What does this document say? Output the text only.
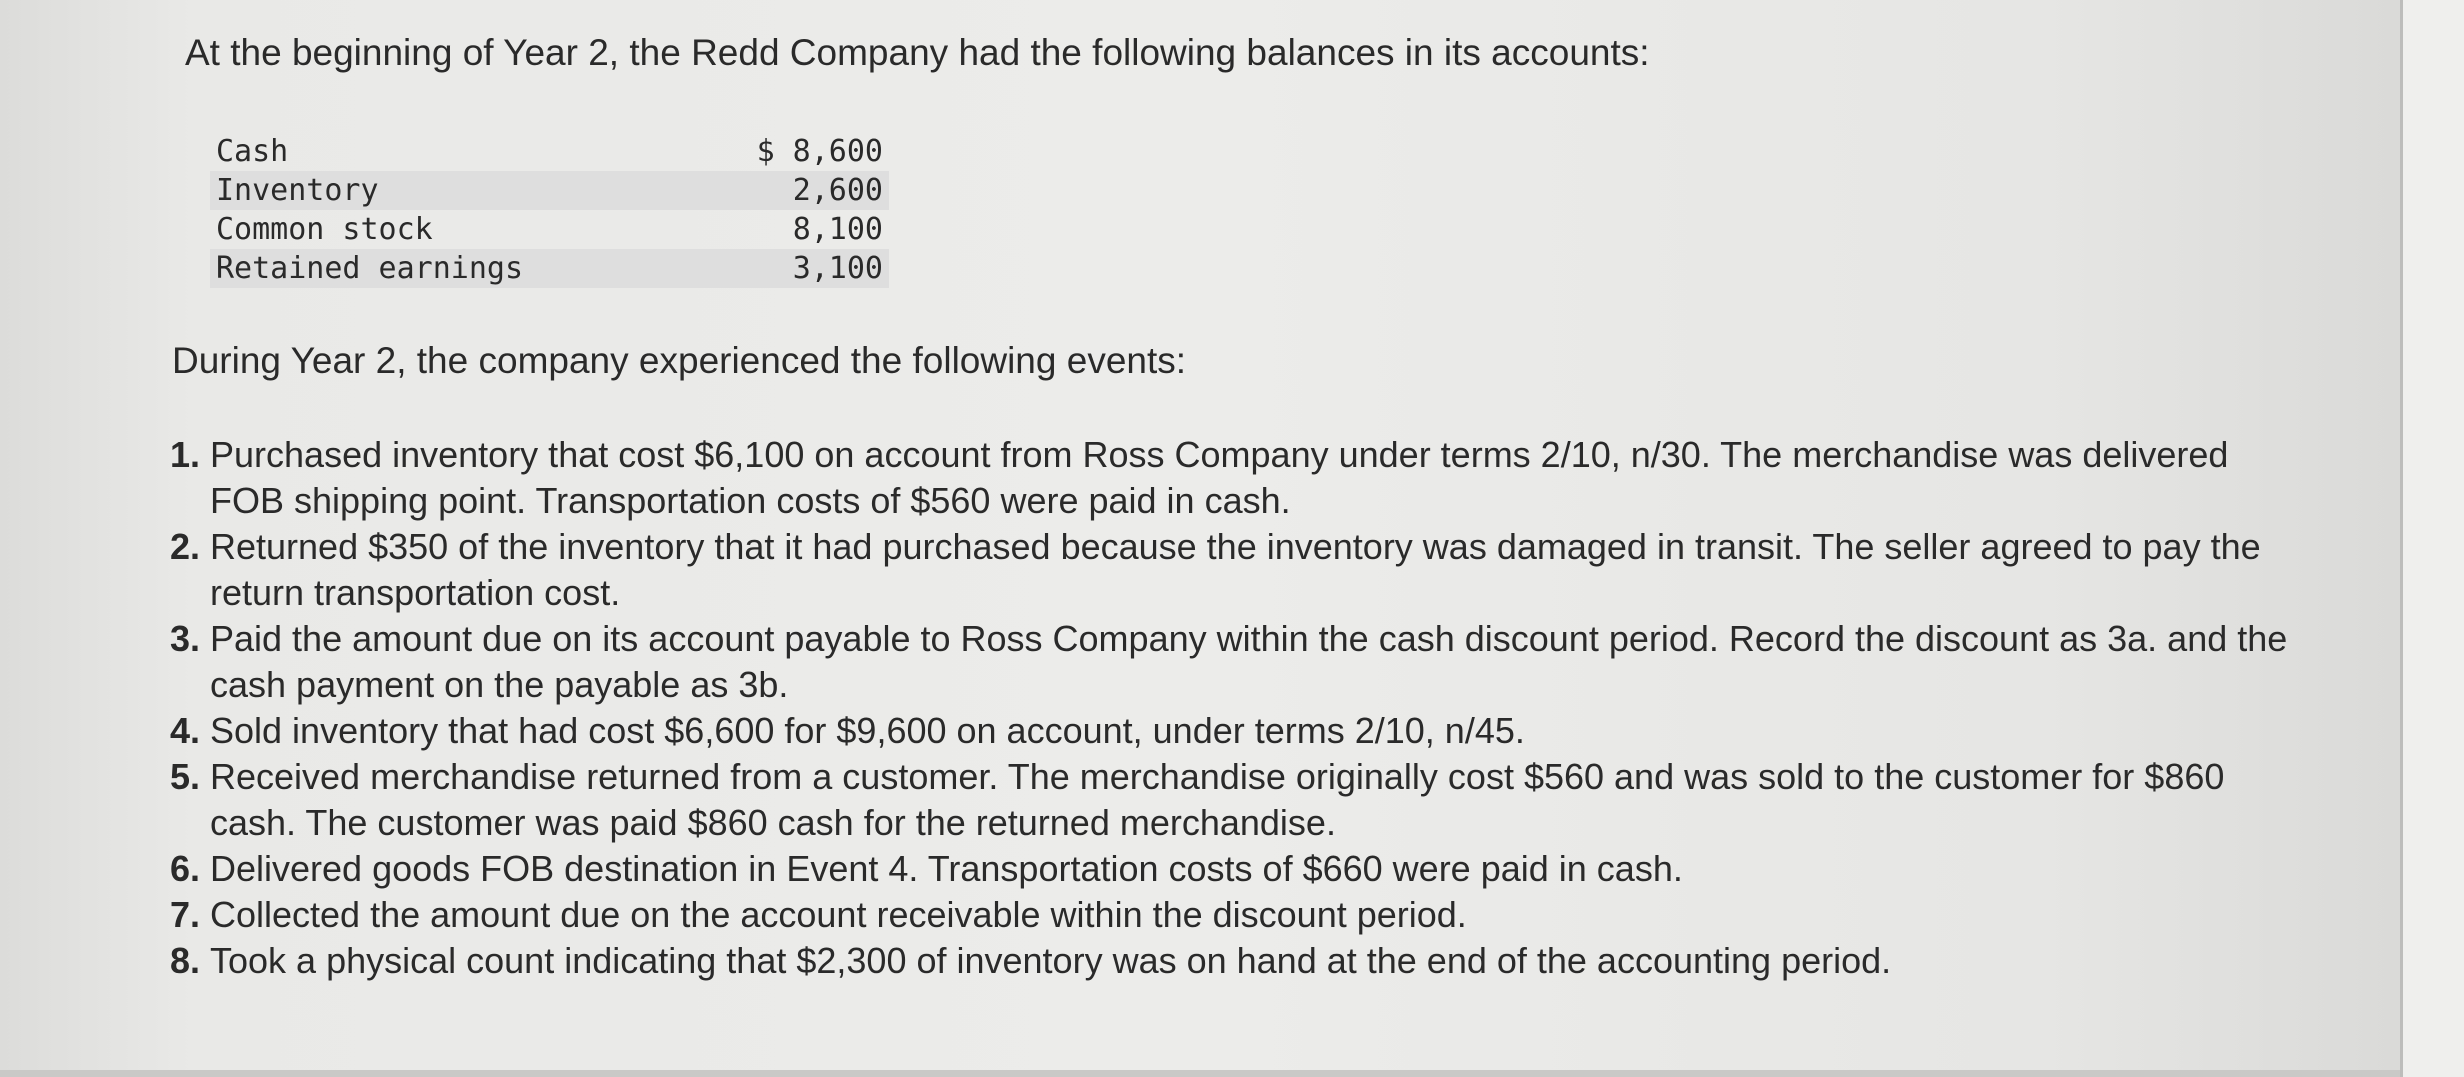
At the beginning of Year 2, the Redd Company had the following balances in its accounts:
Cash	$ 8,600
Inventory	2,600
Common stock	8,100
Retained earnings	3,100
During Year 2, the company experienced the following events:
1. Purchased inventory that cost $6,100 on account from Ross Company under terms 2/10, n/30. The merchandise was delivered FOB shipping point. Transportation costs of $560 were paid in cash.
2. Returned $350 of the inventory that it had purchased because the inventory was damaged in transit. The seller agreed to pay the return transportation cost.
3. Paid the amount due on its account payable to Ross Company within the cash discount period. Record the discount as 3a. and the cash payment on the payable as 3b.
4. Sold inventory that had cost $6,600 for $9,600 on account, under terms 2/10, n/45.
5. Received merchandise returned from a customer. The merchandise originally cost $560 and was sold to the customer for $860 cash. The customer was paid $860 cash for the returned merchandise.
6. Delivered goods FOB destination in Event 4. Transportation costs of $660 were paid in cash.
7. Collected the amount due on the account receivable within the discount period.
8. Took a physical count indicating that $2,300 of inventory was on hand at the end of the accounting period.
